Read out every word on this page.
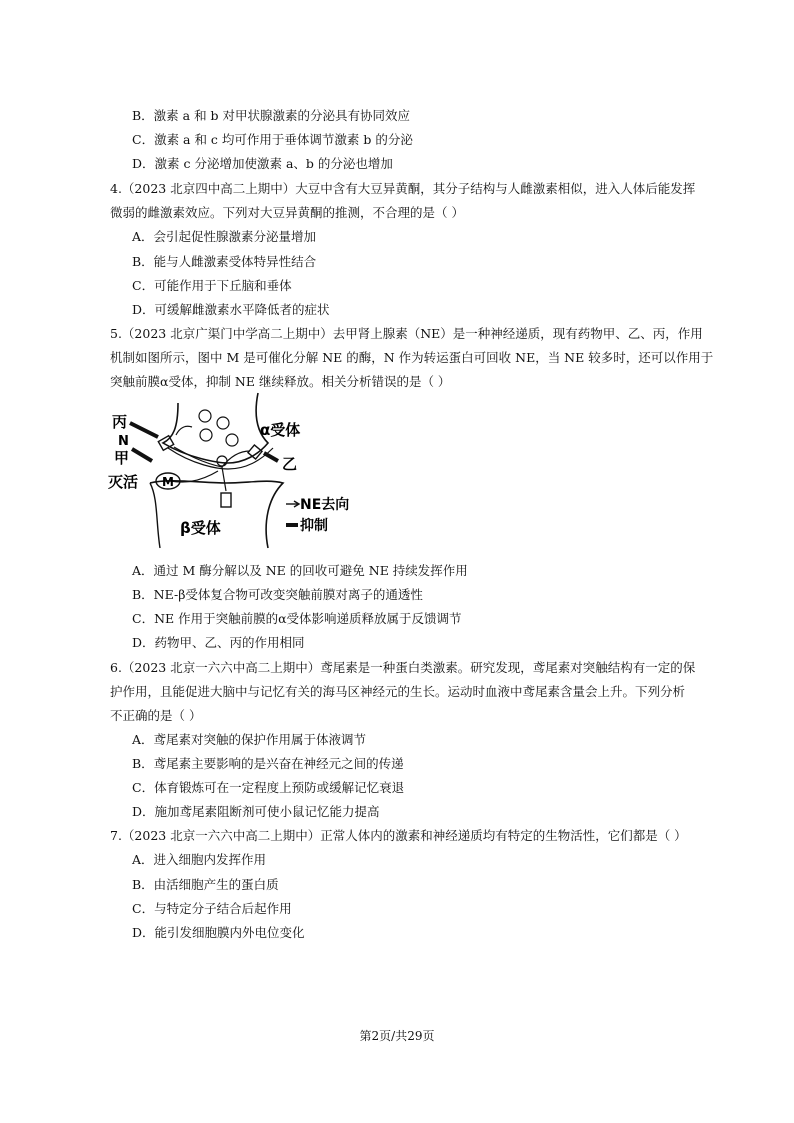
B．激素 a 和 b 对甲状腺激素的分泌具有协同效应
C．激素 a 和 c 均可作用于垂体调节激素 b 的分泌
D．激素 c 分泌增加使激素 a、b 的分泌也增加
4.（2023 北京四中高二上期中）大豆中含有大豆异黄酮，其分子结构与人雌激素相似，进入人体后能发挥
微弱的雌激素效应。下列对大豆异黄酮的推测，不合理的是（ ）
A．会引起促性腺激素分泌量增加
B．能与人雌激素受体特异性结合
C．可能作用于下丘脑和垂体
D．可缓解雌激素水平降低者的症状
5.（2023 北京广渠门中学高二上期中）去甲肾上腺素（NE）是一种神经递质，现有药物甲、乙、丙，作用
机制如图所示，图中 M 是可催化分解 NE 的酶，N 作为转运蛋白可回收 NE，当 NE 较多时，还可以作用于
突触前膜α受体，抑制 NE 继续释放。相关分析错误的是（ ）
M
丙
N
甲
灭活
α受体
乙
β受体
NE去向
抑制
A．通过 M 酶分解以及 NE 的回收可避免 NE 持续发挥作用
B．NE-β受体复合物可改变突触前膜对离子的通透性
C．NE 作用于突触前膜的α受体影响递质释放属于反馈调节
D．药物甲、乙、丙的作用相同
6.（2023 北京一六六中高二上期中）鸢尾素是一种蛋白类激素。研究发现，鸢尾素对突触结构有一定的保
护作用，且能促进大脑中与记忆有关的海马区神经元的生长。运动时血液中鸢尾素含量会上升。下列分析
不正确的是（ ）
A．鸢尾素对突触的保护作用属于体液调节
B．鸢尾素主要影响的是兴奋在神经元之间的传递
C．体育锻炼可在一定程度上预防或缓解记忆衰退
D．施加鸢尾素阻断剂可使小鼠记忆能力提高
7.（2023 北京一六六中高二上期中）正常人体内的激素和神经递质均有特定的生物活性，它们都是（ ）
A．进入细胞内发挥作用
B．由活细胞产生的蛋白质
C．与特定分子结合后起作用
D．能引发细胞膜内外电位变化
第2页/共29页
